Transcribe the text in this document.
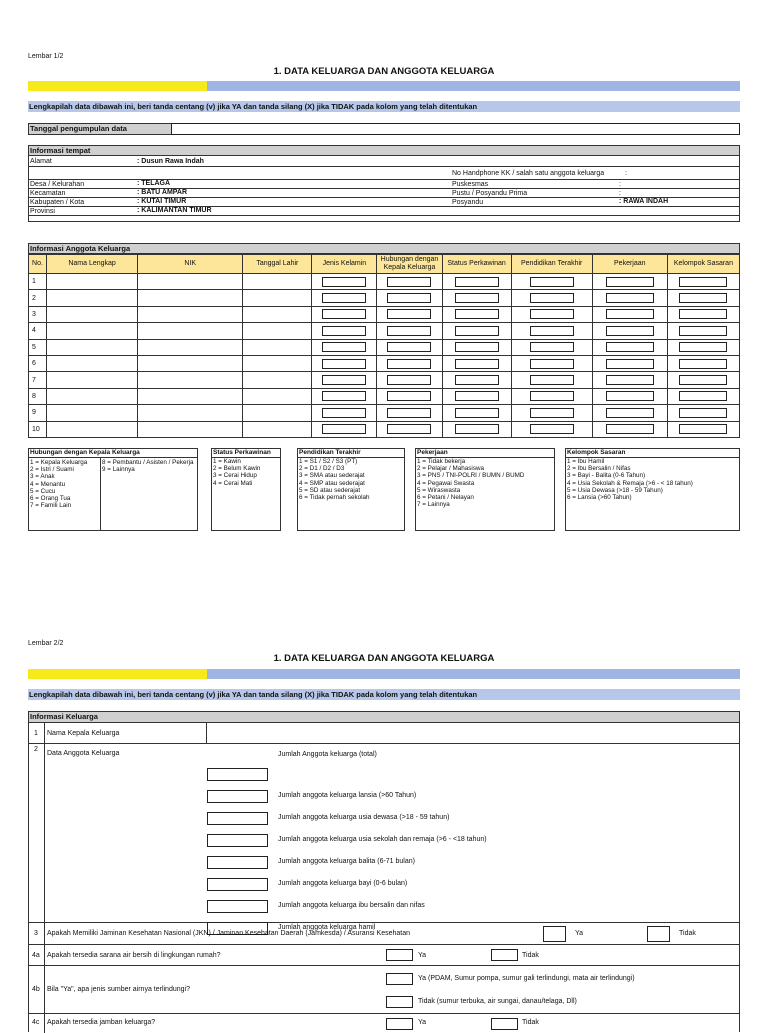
Lembar 1/2
1. DATA KELUARGA DAN ANGGOTA KELUARGA
Lengkapilah data dibawah ini, beri tanda centang (v) jika YA dan tanda silang (X) jika TIDAK pada kolom yang telah ditentukan
Tanggal pengumpulan data
Informasi tempat
Alamat	: Dusun Rawa Indah
No Handphone KK / salah satu anggota keluarga	:
Desa / Kelurahan	: TELAGA	Puskesmas	:
Kecamatan	: BATU AMPAR	Pustu / Posyandu Prima	:
Kabupaten / Kota	: KUTAI TIMUR	Posyandu	: RAWA INDAH
Provinsi	: KALIMANTAN TIMUR
Informasi Anggota Keluarga
No.	Nama Lengkap	NIK	Tanggal Lahir	Jenis Kelamin	Hubungan dengan Kepala Keluarga	Status Perkawinan	Pendidikan Terakhir	Pekerjaan	Kelompok Sasaran
1				

2				

3				

4				

5				

6				

7				

8				

9				

10				

Hubungan dengan Kepala Keluarga
1 = Kepala Keluarga
2 = Istri / Suami
3 = Anak
4 = Menantu
5 = Cucu
6 = Orang Tua
7 = Famili Lain
8 = Pembantu / Asisten / Pekerja
9 = Lainnya
Status Perkawinan
1 = Kawin
2 = Belum Kawin
3 = Cerai Hidup
4 = Cerai Mati
Pendidikan Terakhir
1 = S1 / S2 / S3 (PT)
2 = D1 / D2 / D3
3 = SMA atau sederajat
4 = SMP atau sederajat
5 = SD atau sederajat
6 = Tidak pernah sekolah
Pekerjaan
1 = Tidak bekerja
2 = Pelajar / Mahasiswa
3 = PNS / TNI-POLRI / BUMN / BUMD
4 = Pegawai Swasta
5 = Wiraswasta
6 = Petani / Nelayan
7 = Lainnya
Kelompok Sasaran
1 = Ibu Hamil
2 = Ibu Bersalin / Nifas
3 = Bayi - Balita (0-6 Tahun)
4 = Usia Sekolah & Remaja (>6 - < 18 tahun)
5 = Usia Dewasa (>18 - 59 Tahun)
6 = Lansia (>60 Tahun)
Lembar 2/2
1. DATA KELUARGA DAN ANGGOTA KELUARGA
Lengkapilah data dibawah ini, beri tanda centang (v) jika YA dan tanda silang (X) jika TIDAK pada kolom yang telah ditentukan
Informasi Keluarga
1 Nama Kepala Keluarga
2
Data Anggota Keluarga	Jumlah Anggota keluarga (total)
Jumlah anggota keluarga lansia (>60 Tahun)
Jumlah anggota keluarga usia dewasa (>18 - 59 tahun)
Jumlah anggota keluarga usia sekolah dan remaja (>6 - <18 tahun)
Jumlah anggota keluarga balita (6-71 bulan)
Jumlah anggota keluarga bayi (0-6 bulan)
Jumlah anggota keluarga ibu bersalin dan nifas
Jumlah anggota keluarga hamil
3 Apakah Memiliki Jaminan Kesehatan Nasional (JKN) / Jaminan Kesehatan Daerah (Jamkesda) / Asuransi Kesehatan	Ya	Tidak
4a Apakah tersedia sarana air bersih di lingkungan rumah?	Ya	Tidak
4b Bila "Ya", apa jenis sumber airnya terlindungi?
Ya (PDAM, Sumur pompa, sumur gali terlindungi, mata air terlindungi)
Tidak (sumur terbuka, air sungai, danau/telaga, Dll)
4c Apakah tersedia jamban keluarga?	Ya	Tidak
